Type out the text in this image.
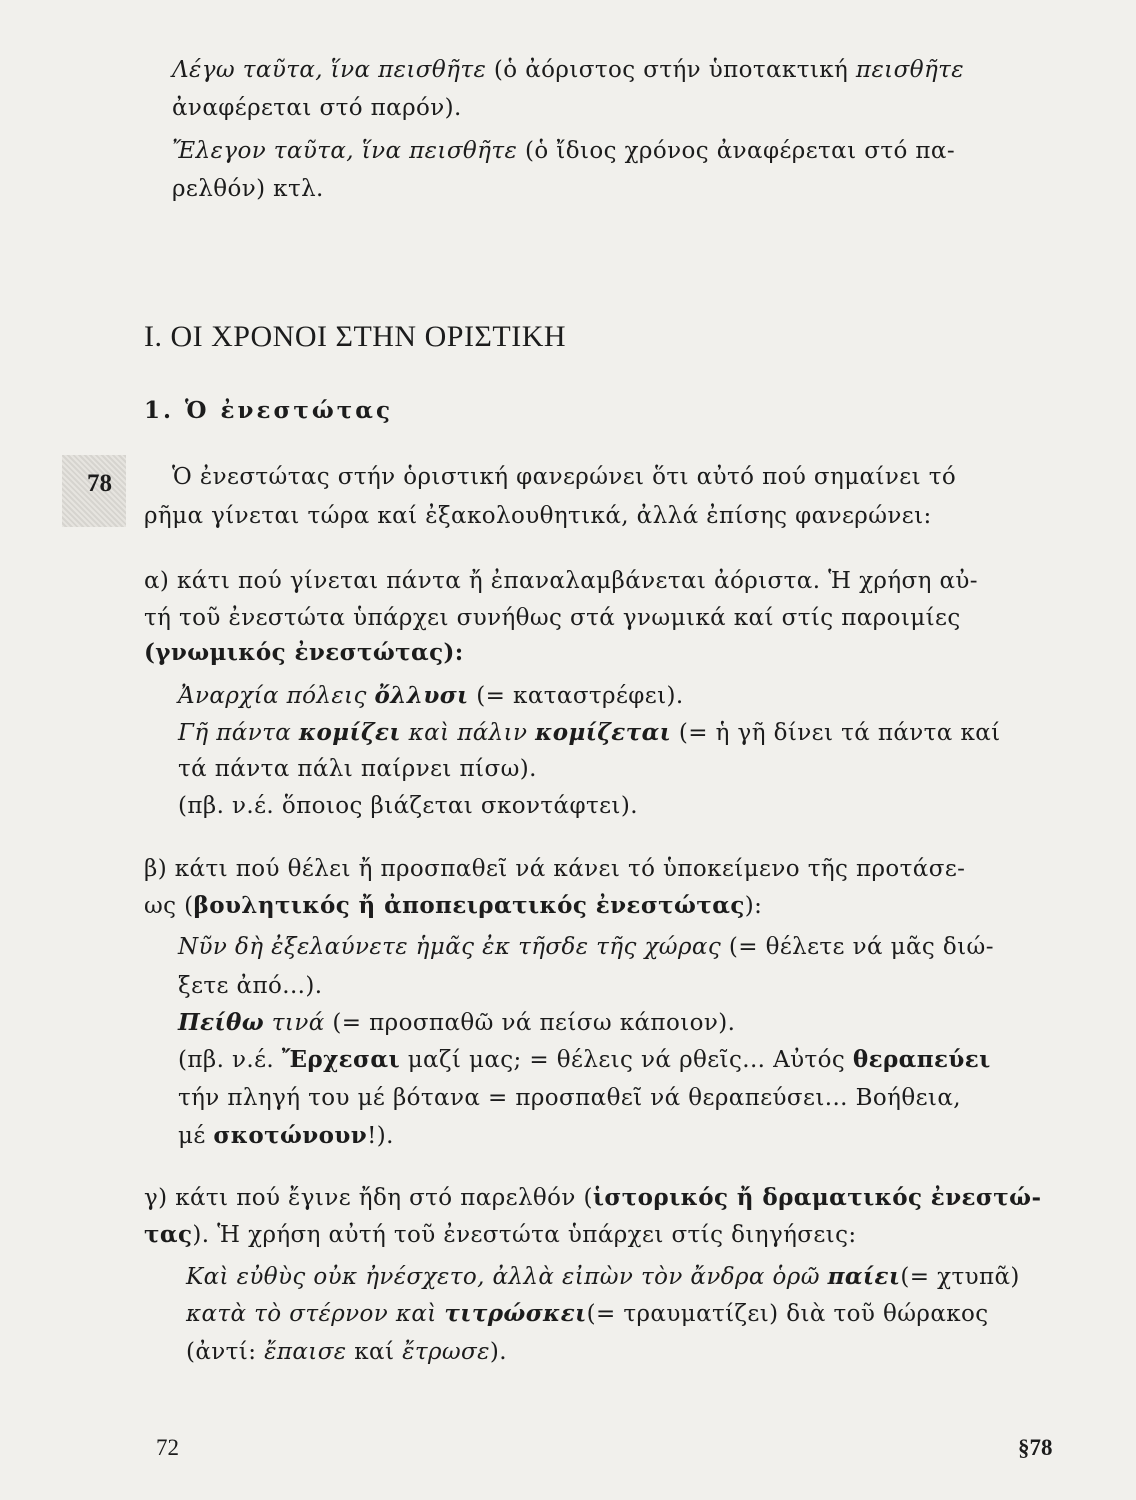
Λέγω ταῦτα, ἵνα πεισθῆτε (ὁ ἀόριστος στήν ὑποτακτική πεισθῆτε
ἀναφέρεται στό παρόν).
Ἔλεγον ταῦτα, ἵνα πεισθῆτε (ὁ ἴδιος χρόνος ἀναφέρεται στό πα-
ρελθόν) κτλ.
I. ΟΙ ΧΡΟΝΟΙ ΣΤΗΝ ΟΡΙΣΤΙΚΗ
1. Ὁ ἐνεστώτας
78	Ὁ ἐνεστώτας στήν ὁριστική φανερώνει ὅτι αὐτό πού σημαίνει τό
ρῆμα γίνεται τώρα καί ἐξακολουθητικά, ἀλλά ἐπίσης φανερώνει:
α) κάτι πού γίνεται πάντα ἤ ἐπαναλαμβάνεται ἀόριστα. Ἡ χρήση αὐ-
τή τοῦ ἐνεστώτα ὑπάρχει συνήθως στά γνωμικά καί στίς παροιμίες
(γνωμικός ἐνεστώτας):
Ἀναρχία πόλεις ὄλλυσι (= καταστρέφει).
Γῆ πάντα κομίζει καὶ πάλιν κομίζεται (= ἡ γῆ δίνει τά πάντα καί
τά πάντα πάλι παίρνει πίσω).
(πβ. ν.έ. ὅποιος βιάζεται σκοντάφτει).
β) κάτι πού θέλει ἤ προσπαθεῖ νά κάνει τό ὑποκείμενο τῆς προτάσε-
ως (βουλητικός ἤ ἀποπειρατικός ἐνεστώτας):
Νῦν δὴ ἐξελαύνετε ἡμᾶς ἐκ τῆσδε τῆς χώρας (= θέλετε νά μᾶς διώ-
ξετε ἀπό...).
Πείθω τινά (= προσπαθῶ νά πείσω κάποιον).
(πβ. ν.έ. Ἔρχεσαι μαζί μας; = θέλεις νά ρθεῖς... Αὐτός θεραπεύει
τήν πληγή του μέ βότανα = προσπαθεῖ νά θεραπεύσει... Βοήθεια,
μέ σκοτώνουν!).
γ) κάτι πού ἔγινε ἤδη στό παρελθόν (ἱστορικός ἤ δραματικός ἐνεστώ-
τας). Ἡ χρήση αὐτή τοῦ ἐνεστώτα ὑπάρχει στίς διηγήσεις:
Καὶ εὐθὺς οὐκ ἠνέσχετο, ἀλλὰ εἰπὼν τὸν ἄνδρα ὁρῶ παίει(= χτυπᾶ)
κατὰ τὸ στέρνον καὶ τιτρώσκει(= τραυματίζει) διὰ τοῦ θώρακος
(ἀντί: ἔπαισε καί ἔτρωσε).
72	§78
